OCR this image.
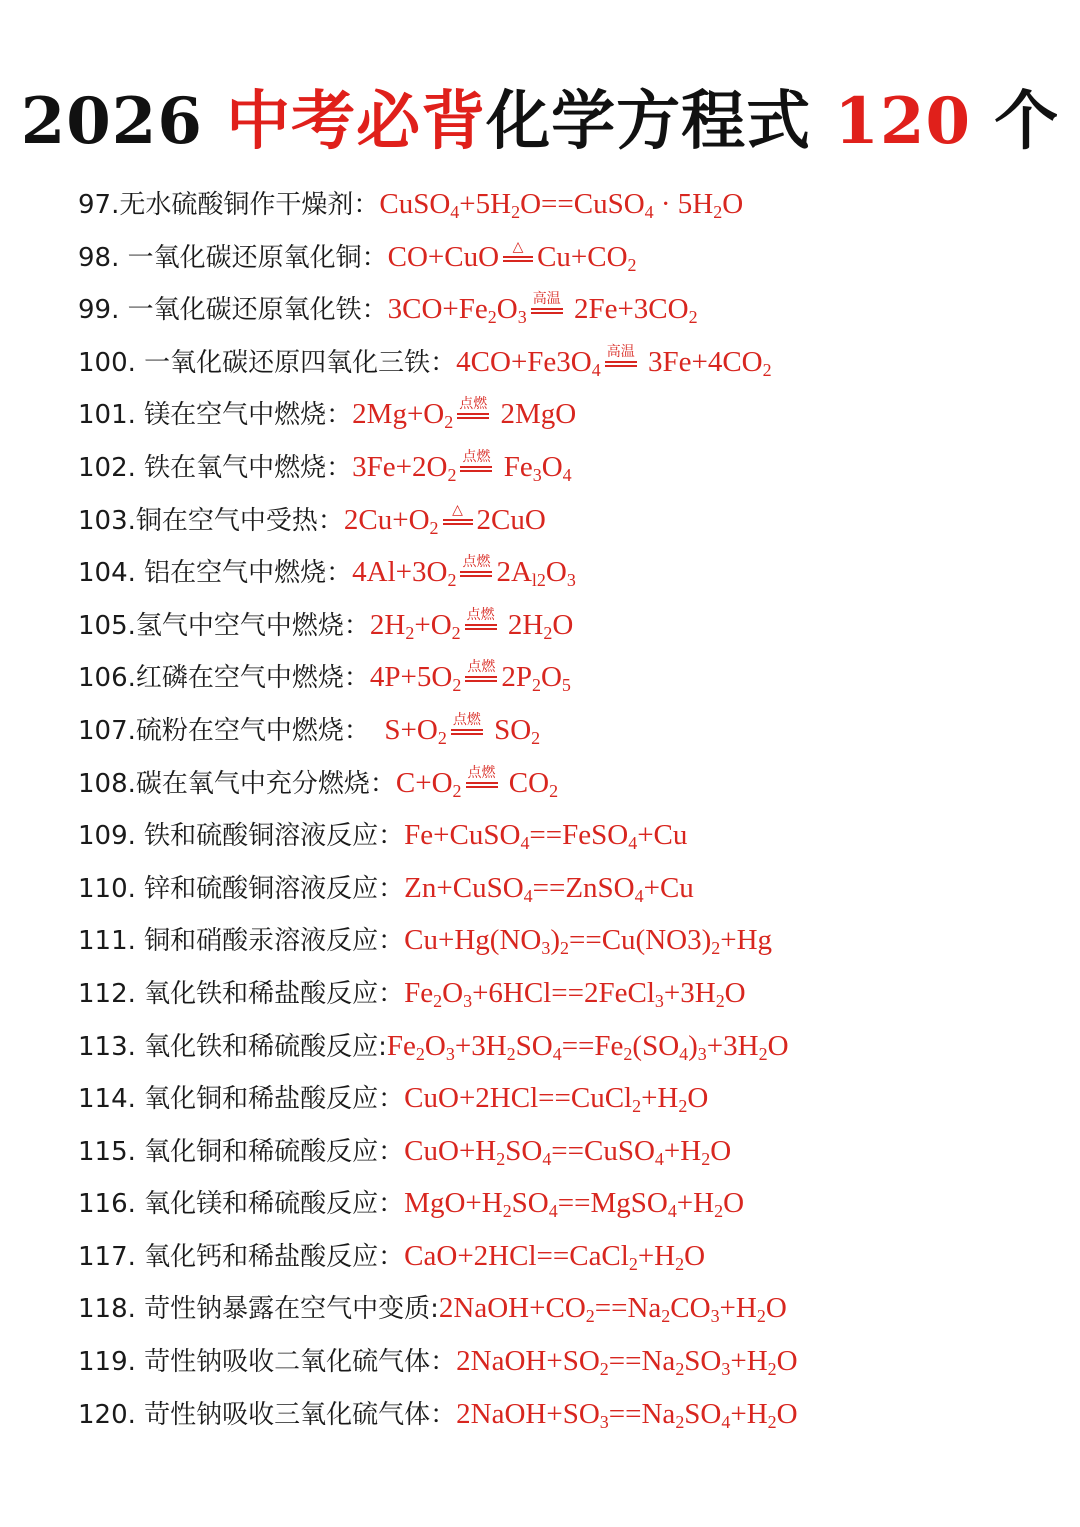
2026 中考必背化学方程式 120 个
97.无水硫酸铜作干燥剂：$CuSO_4+5H_2O==CuSO_4 \cdot 5H_2O$
98. 一氧化碳还原氧化铜：CO+CuO △ $Cu+CO_2$
99. 一氧化碳还原氧化铁：$3CO+Fe_2O_3$
高温 $2Fe+3CO_2$
100. 一氧化碳还原四氧化三铁：$4CO+Fe3O_4$
高温 $3Fe+4CO_2$
101. 镁在空气中燃烧：$2Mg+O_2$
点燃 2MgO
102. 铁在氧气中燃烧：$3Fe+2O_2$
点燃 $Fe_3O_4$
103.铜在空气中受热：$2Cu+O_2$
△ 2CuO
104. 铝在空气中燃烧：$4Al+3O_2$
点燃 $2A_{l2}O_3$
105.氢气中空气中燃烧：$2H_2+O_2$
点燃 $2H_2O$
106.红磷在空气中燃烧：$4P+5O_2$
点燃 $2P_2O_5$
107.硫粉在空气中燃烧：  $S+O_2$
点燃 $SO_2$
108.碳在氧气中充分燃烧：$C+O_2$
点燃 $CO_2$
109. 铁和硫酸铜溶液反应：Fe+CuSO$_4$==FeSO$_4$+Cu
110. 锌和硫酸铜溶液反应：Zn+CuSO$_4$==ZnSO$_4$+Cu
111. 铜和硝酸汞溶液反应：$Cu+Hg(NO_3)_2==Cu(NO3)_2+Hg$
112. 氧化铁和稀盐酸反应：$Fe_2O_3+6HCl==2FeCl_3+3H_2O$
113. 氧化铁和稀硫酸反应$:Fe_2O_3+3H_2SO_4==Fe_2(SO_4)_3+3H_2O$
114. 氧化铜和稀盐酸反应：$CuO+2HCl==CuCl_2+H_2O$
115. 氧化铜和稀硫酸反应：$CuO+H_2SO_4==CuSO_4+H_2O$
116. 氧化镁和稀硫酸反应：$MgO+H_2SO_4==MgSO_4+H_2O$
117. 氧化钙和稀盐酸反应：$CaO+2HCl==CaCl_2+H_2O$
118. 苛性钠暴露在空气中变质$:2NaOH+CO_2==Na_2CO_3+H_2O$
119. 苛性钠吸收二氧化硫气体：$2NaOH+SO_2==Na_2SO_3+H_2O$
120. 苛性钠吸收三氧化硫气体：$2NaOH+SO_3==Na_2SO_4+H_2O$
